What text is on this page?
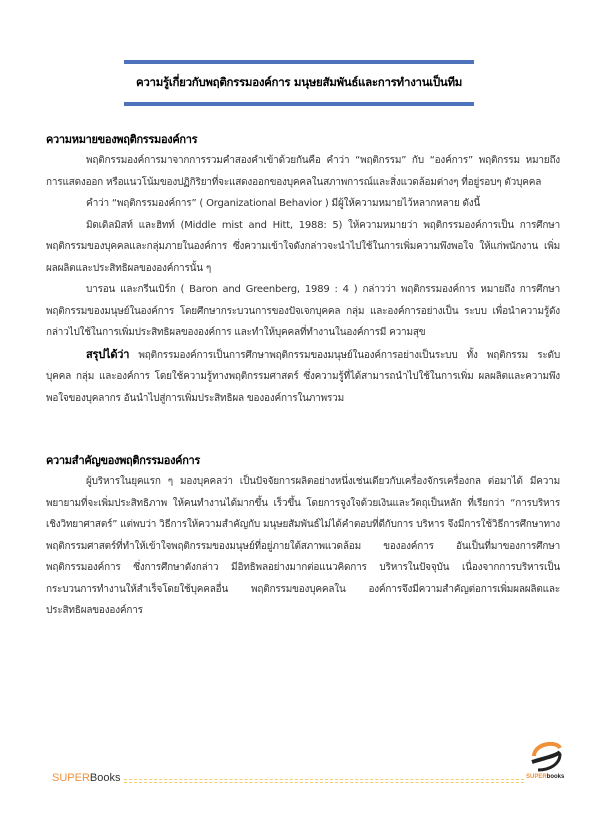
ความรู้เกี่ยวกับพฤติกรรมองค์การ มนุษยสัมพันธ์และการทำงานเป็นทีม
ความหมายของพฤติกรรมองค์การ

พฤติกรรมองค์การมาจากการรวมคำสองคำเข้าด้วยกันคือ คำว่า “พฤติกรรม” กับ “องค์การ” พฤติกรรม หมายถึง การแสดงออก หรือแนวโน้มของปฏิกิริยาที่จะแสดงออกของบุคคลในสภาพการณ์และสิ่งแวดล้อมต่างๆ ที่อยู่รอบๆ ตัวบุคคล

คำว่า “พฤติกรรมองค์การ” ( Organizational Behavior ) มีผู้ให้ความหมายไว้หลากหลาย ดังนี้

มิดเดิลมิสท์ และฮิทท์ (Middle mist and Hitt, 1988: 5) ให้ความหมายว่า พฤติกรรมองค์การเป็น การศึกษาพฤติกรรมของบุคคลและกลุ่มภายในองค์การ ซึ่งความเข้าใจดังกล่าวจะนำไปใช้ในการเพิ่มความพึงพอใจ ให้แก่พนักงาน เพิ่มผลผลิตและประสิทธิผลขององค์การนั้น ๆ

บารอน และกรีนเบิร์ก ( Baron and Greenberg, 1989 : 4 ) กล่าวว่า พฤติกรรมองค์การ หมายถึง การศึกษาพฤติกรรมของมนุษย์ในองค์การ โดยศึกษากระบวนการของปัจเจกบุคคล กลุ่ม และองค์การอย่างเป็น ระบบ เพื่อนำความรู้ดังกล่าวไปใช้ในการเพิ่มประสิทธิผลขององค์การ และทำให้บุคคลที่ทำงานในองค์การมี ความสุข

สรุปได้ว่า พฤติกรรมองค์การเป็นการศึกษาพฤติกรรมของมนุษย์ในองค์การอย่างเป็นระบบ ทั้ง พฤติกรรม ระดับบุคคล กลุ่ม และองค์การ โดยใช้ความรู้ทางพฤติกรรมศาสตร์ ซึ่งความรู้ที่ได้สามารถนำไปใช้ในการเพิ่ม ผลผลิตและความพึงพอใจของบุคลากร อันนำไปสู่การเพิ่มประสิทธิผล ขององค์การในภาพรวม

ความสำคัญของพฤติกรรมองค์การ

ผู้บริหารในยุคแรก ๆ มองบุคคลว่า เป็นปัจจัยการผลิตอย่างหนึ่งเช่นเดียวกับเครื่องจักรเครื่องกล ต่อมาได้ มีความพยายามที่จะเพิ่มประสิทธิภาพ ให้คนทำงานได้มากขึ้น เร็วขึ้น โดยการจูงใจด้วยเงินและวัตถุเป็นหลัก ที่เรียกว่า “การบริหารเชิงวิทยาศาสตร์” แต่พบว่า วิธีการให้ความสำคัญกับ มนุษยสัมพันธ์ไม่ได้คำตอบที่ดีกับการ บริหาร จึงมีการใช้วิธีการศึกษาทางพฤติกรรมศาสตร์ที่ทำให้เข้าใจพฤติกรรมของมนุษย์ที่อยู่ภายใต้สภาพแวดล้อม ขององค์การ อันเป็นที่มาของการศึกษาพฤติกรรมองค์การ ซึ่งการศึกษาดังกล่าว มีอิทธิพลอย่างมากต่อแนวคิดการ บริหารในปัจจุบัน เนื่องจากการบริหารเป็น กระบวนการทำงานให้สำเร็จโดยใช้บุคคลอื่น พฤติกรรมของบุคคลใน องค์การจึงมีความสำคัญต่อการเพิ่มผลผลิตและประสิทธิผลขององค์การ

SUPERBooks	SUPERbooks
